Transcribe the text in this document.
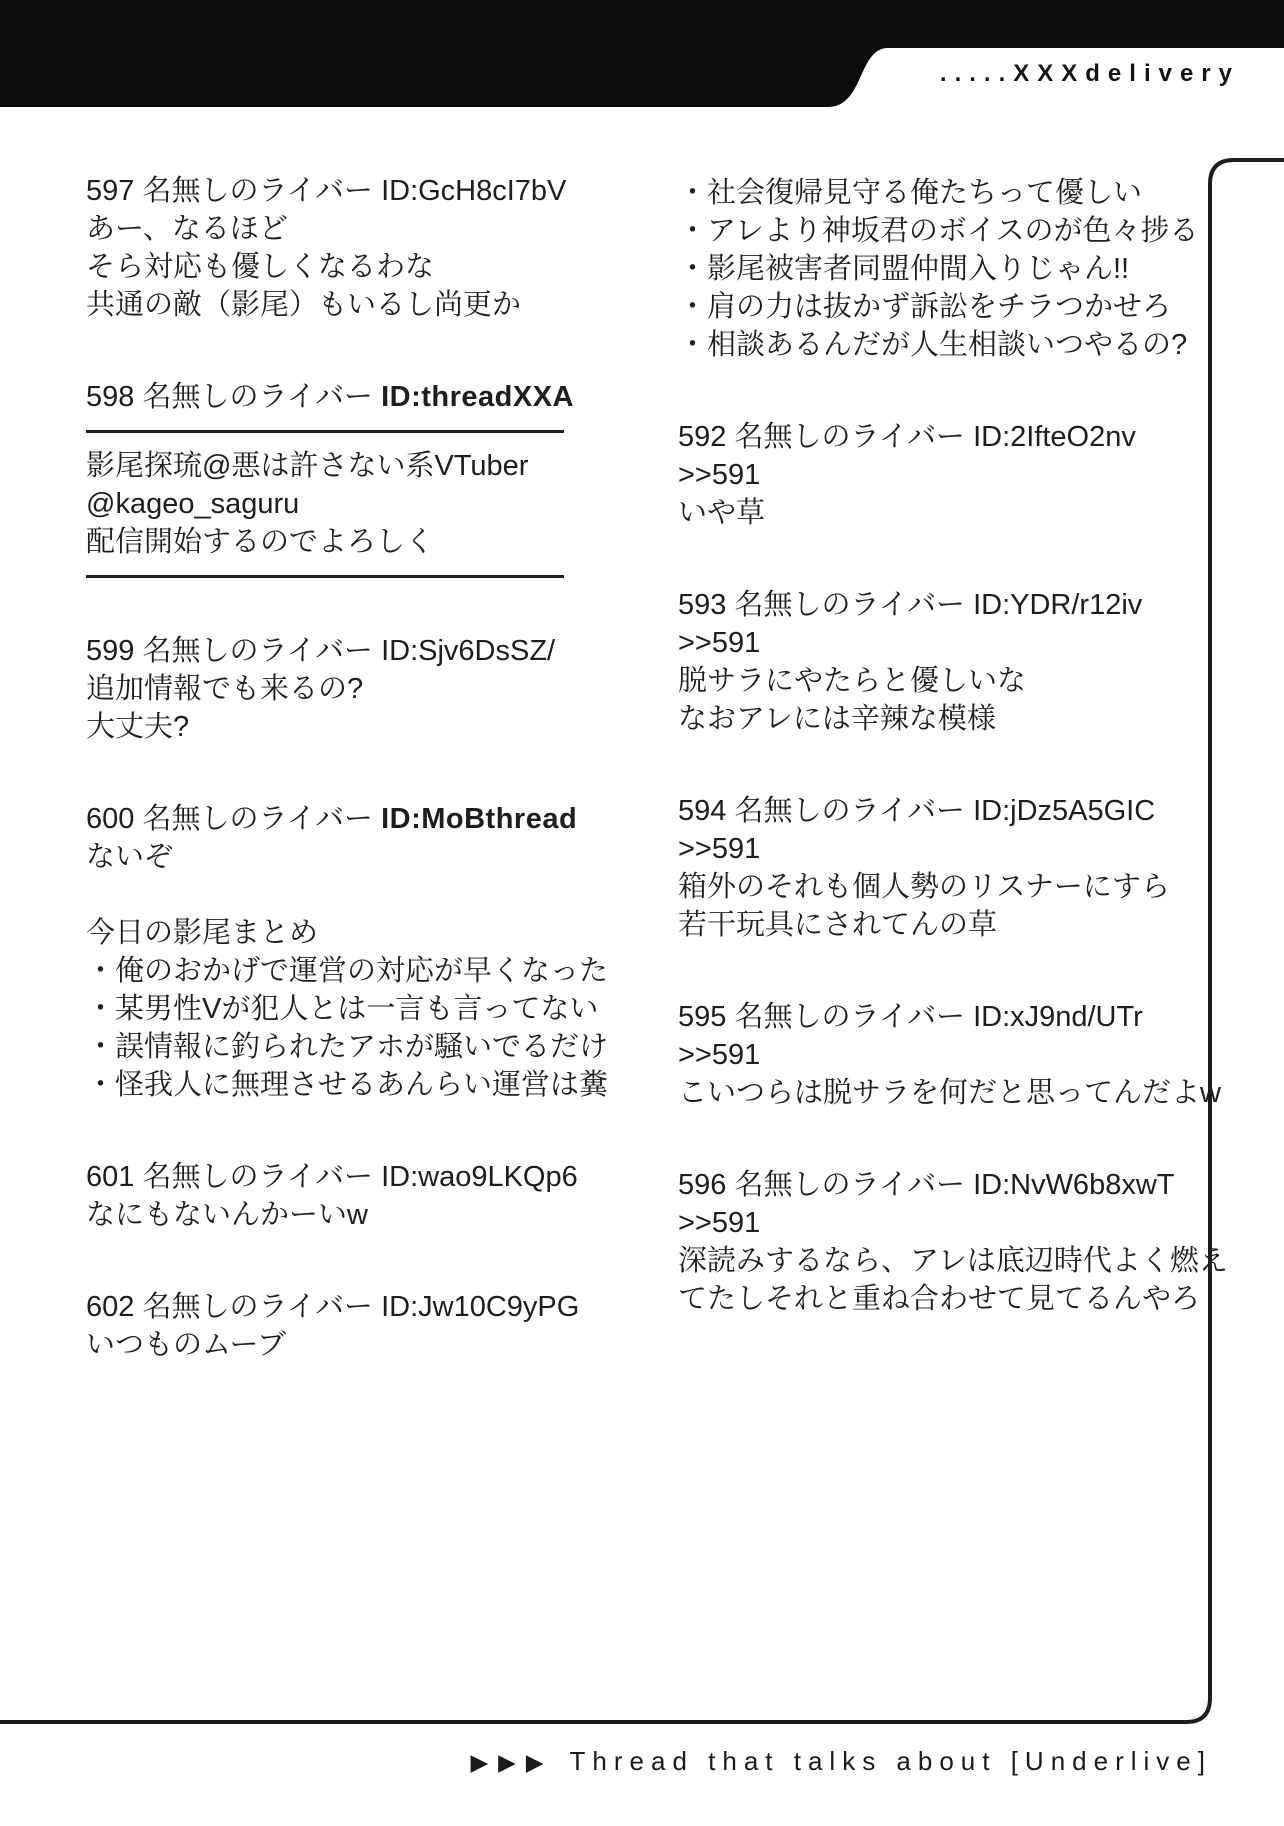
.....XXXdelivery
597 名無しのライバー ID:GcH8cI7bV
あー、なるほど
そら対応も優しくなるわな
共通の敵（影尾）もいるし尚更か
598 名無しのライバー ID:threadXXA
影尾探琉@悪は許さない系VTuber
@kageo_saguru
配信開始するのでよろしく
599 名無しのライバー ID:Sjv6DsSZ/
追加情報でも来るの?
大丈夫?
600 名無しのライバー ID:MoBthread
ないぞ

今日の影尾まとめ
・俺のおかげで運営の対応が早くなった
・某男性Vが犯人とは一言も言ってない
・誤情報に釣られたアホが騒いでるだけ
・怪我人に無理させるあんらい運営は糞
601 名無しのライバー ID:wao9LKQp6
なにもないんかーいw
602 名無しのライバー ID:Jw10C9yPG
いつものムーブ
・社会復帰見守る俺たちって優しい
・アレより神坂君のボイスのが色々捗る
・影尾被害者同盟仲間入りじゃん!!
・肩の力は抜かず訴訟をチラつかせろ
・相談あるんだが人生相談いつやるの?
592 名無しのライバー ID:2IfteO2nv
>>591
いや草
593 名無しのライバー ID:YDR/r12iv
>>591
脱サラにやたらと優しいな
なおアレには辛辣な模様
594 名無しのライバー ID:jDz5A5GIC
>>591
箱外のそれも個人勢のリスナーにすら
若干玩具にされてんの草
595 名無しのライバー ID:xJ9nd/UTr
>>591
こいつらは脱サラを何だと思ってんだよw
596 名無しのライバー ID:NvW6b8xwT
>>591
深読みするなら、アレは底辺時代よく燃え
てたしそれと重ね合わせて見てるんやろ
▶▶▶ Thread that talks about [Underlive]
